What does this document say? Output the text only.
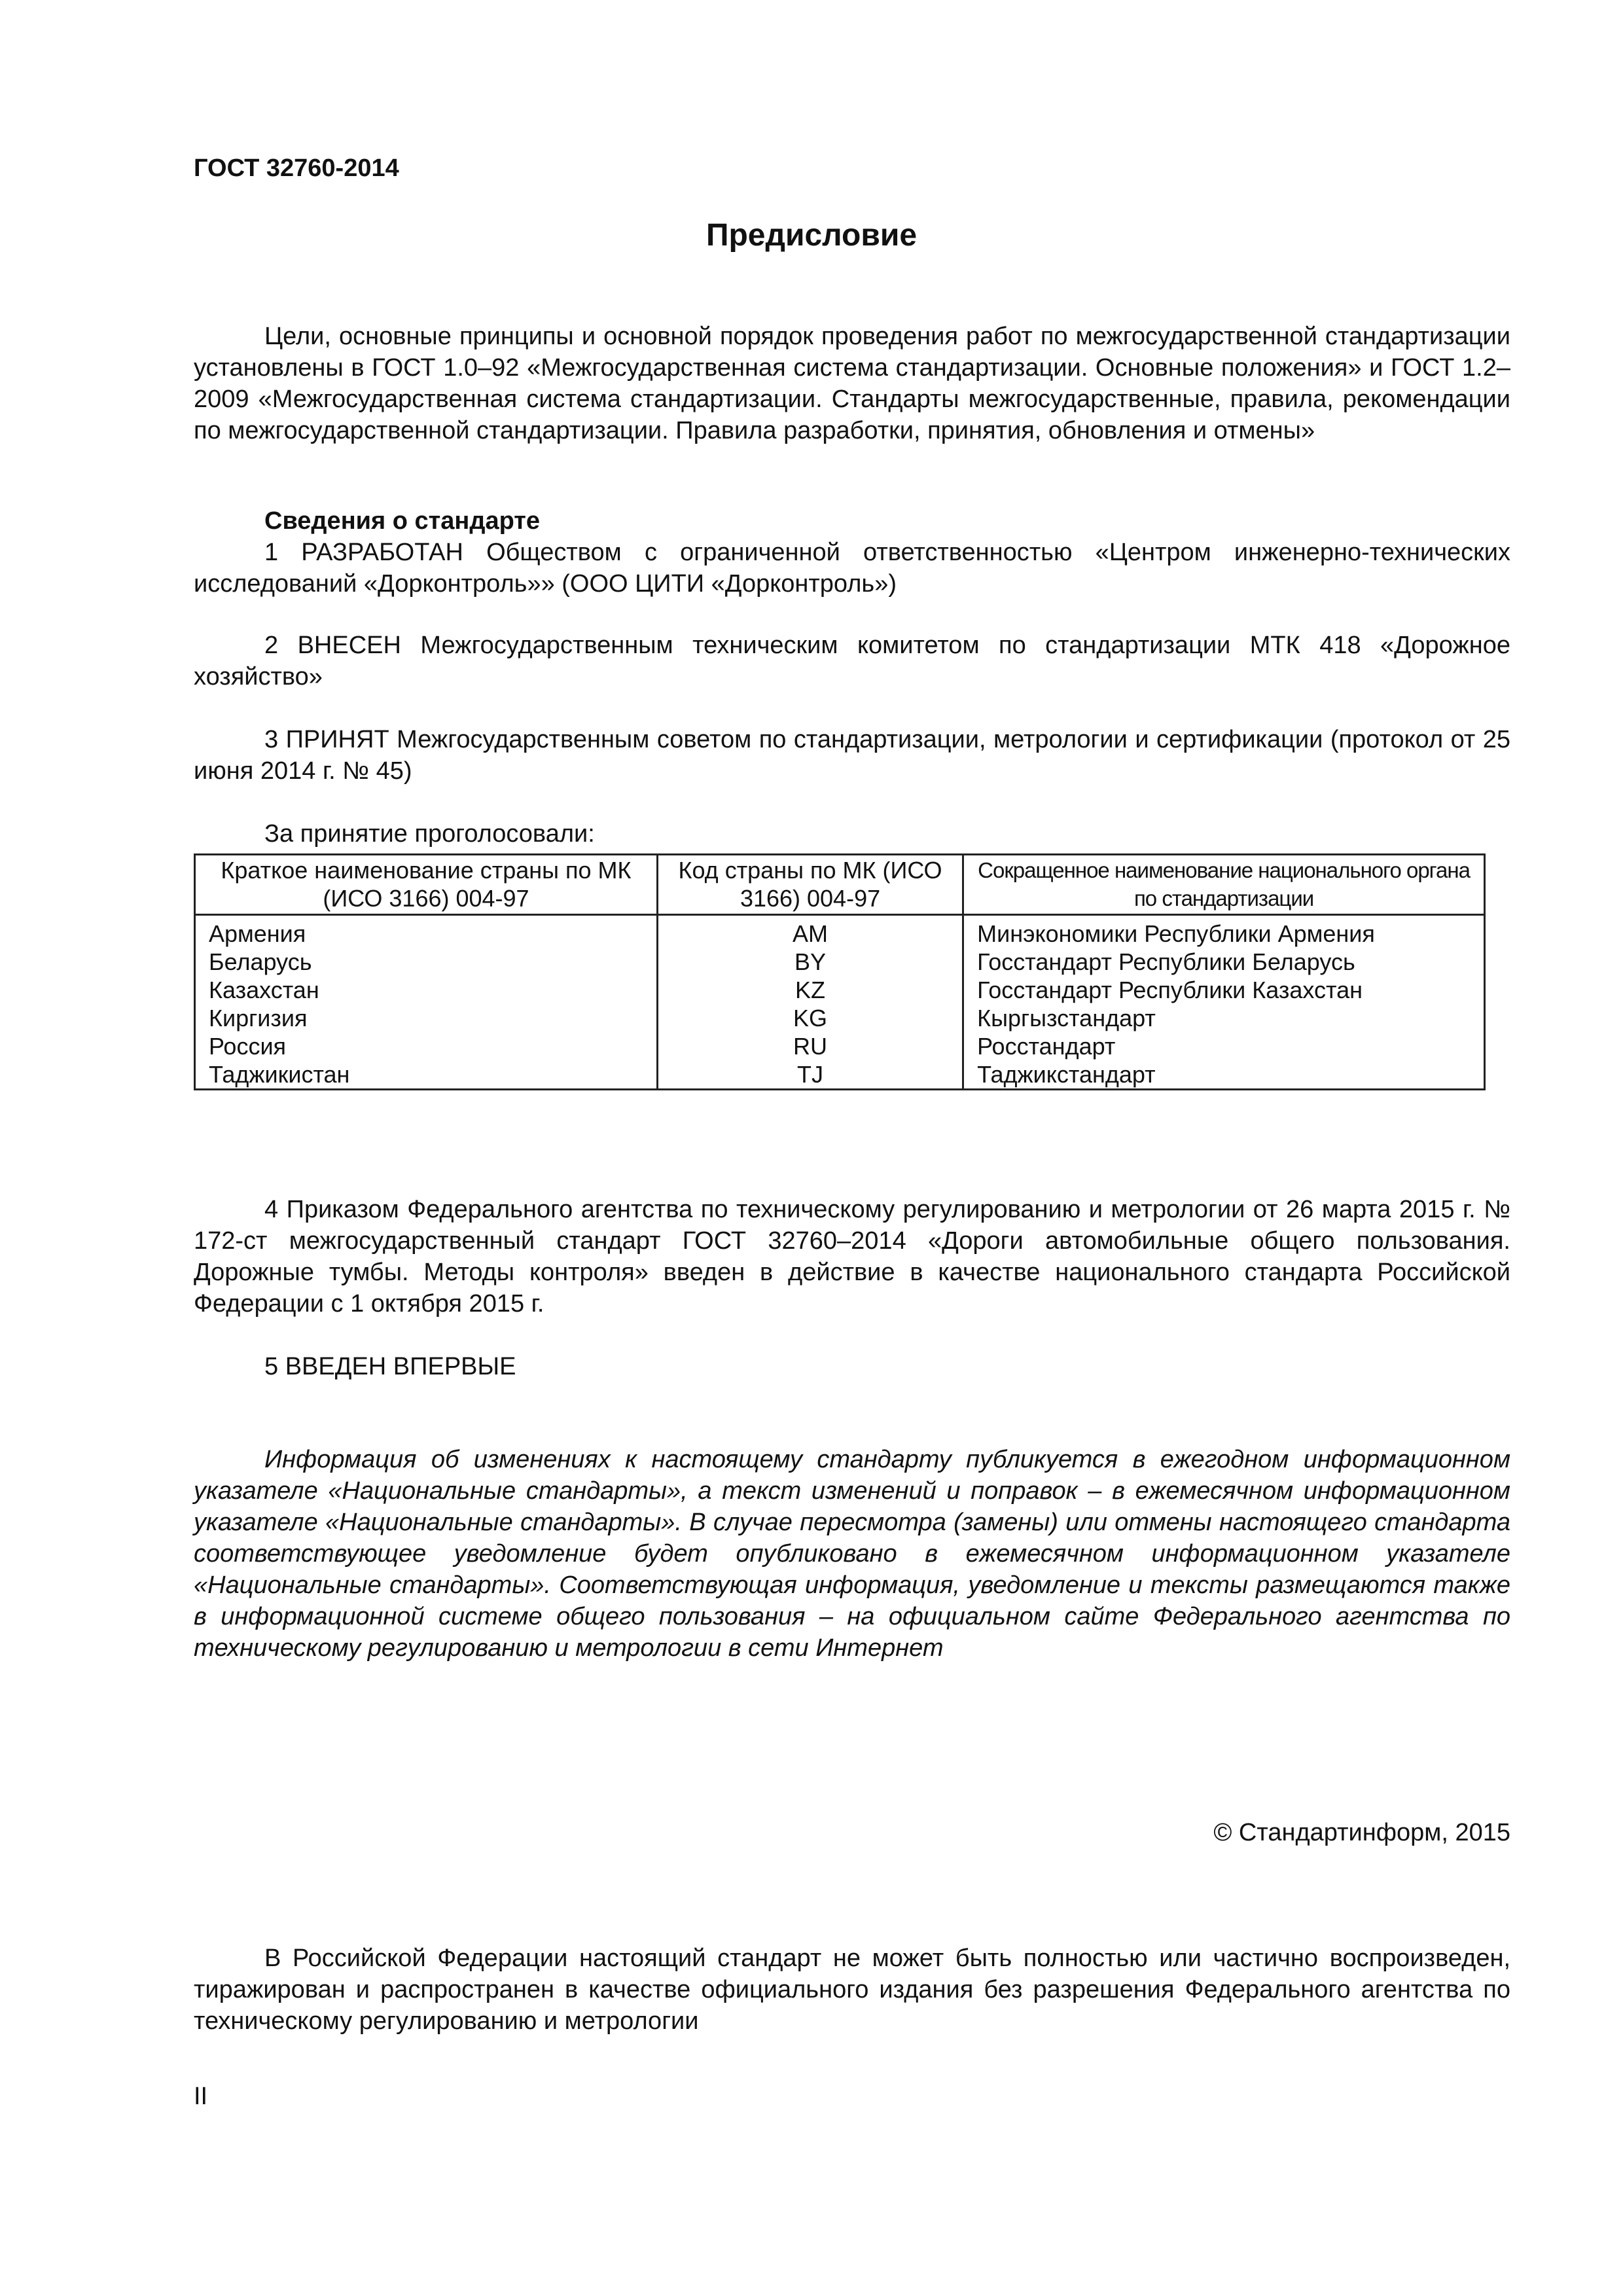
ГОСТ 32760-2014
Предисловие
Цели, основные принципы и основной порядок проведения работ по межгосударственной стандартизации установлены в ГОСТ 1.0–92 «Межгосударственная система стандартизации. Основные положения» и ГОСТ 1.2–2009 «Межгосударственная система стандартизации. Стандарты межгосударственные, правила, рекомендации по межгосударственной стандартизации. Правила разработки, принятия, обновления и отмены»
Сведения о стандарте
1 РАЗРАБОТАН Обществом с ограниченной ответственностью «Центром инженерно-технических исследований «Дорконтроль»» (ООО ЦИТИ «Дорконтроль»)
2 ВНЕСЕН Межгосударственным техническим комитетом по стандартизации МТК 418 «Дорожное хозяйство»
3 ПРИНЯТ Межгосударственным советом по стандартизации, метрологии и сертификации (протокол от 25 июня 2014 г. № 45)
За принятие проголосовали:
Краткое наименование страны по МК (ИСО 3166) 004-97	Код страны по МК (ИСО 3166) 004-97	Сокращенное наименование национального органа по стандартизации

Армения	AM	Минэкономики Республики Армения
Беларусь	BY	Госстандарт Республики Беларусь
Казахстан	KZ	Госстандарт Республики Казахстан
Киргизия	KG	Кыргызстандарт
Россия	RU	Росстандарт
Таджикистан	TJ	Таджикстандарт
4 Приказом Федерального агентства по техническому регулированию и метрологии от 26 марта 2015 г. № 172-ст межгосударственный стандарт ГОСТ 32760–2014 «Дороги автомобильные общего пользования. Дорожные тумбы. Методы контроля» введен в действие в качестве национального стандарта Российской Федерации с 1 октября 2015 г.
5 ВВЕДЕН ВПЕРВЫЕ
Информация об изменениях к настоящему стандарту публикуется в ежегодном информационном указателе «Национальные стандарты», а текст изменений и поправок – в ежемесячном информационном указателе «Национальные стандарты». В случае пересмотра (замены) или отмены настоящего стандарта соответствующее уведомление будет опубликовано в ежемесячном информационном указателе «Национальные стандарты». Соответствующая информация, уведомление и тексты размещаются также в информационной системе общего пользования – на официальном сайте Федерального агентства по техническому регулированию и метрологии в сети Интернет
© Стандартинформ, 2015
В Российской Федерации настоящий стандарт не может быть полностью или частично воспроизведен, тиражирован и распространен в качестве официального издания без разрешения Федерального агентства по техническому регулированию и метрологии
II
